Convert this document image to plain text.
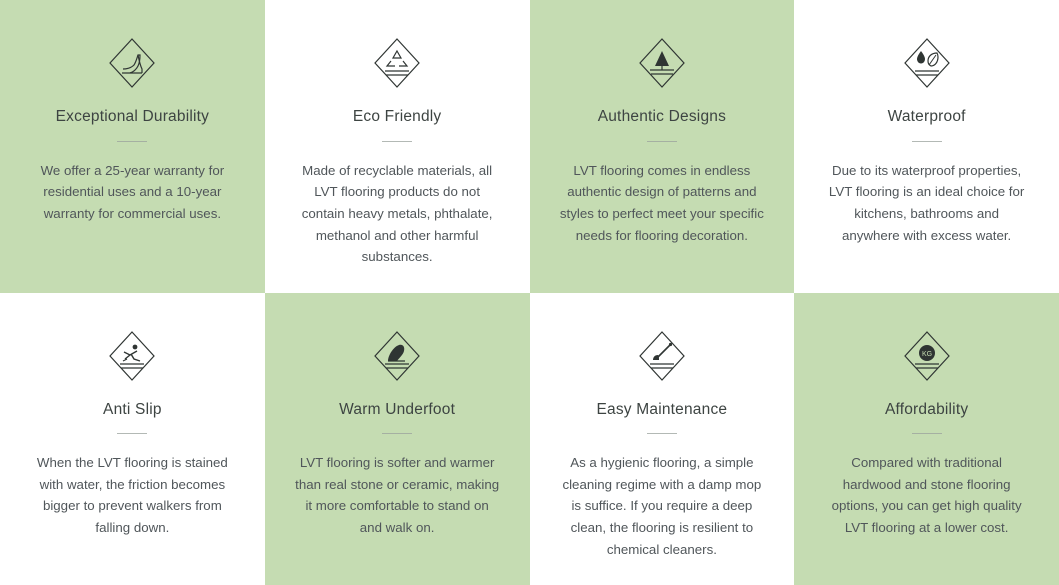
Exceptional Durability

We offer a 25-year warranty for residential uses and a 10-year warranty for commercial uses.

Eco Friendly

Made of recyclable materials, all LVT flooring products do not contain heavy metals, phthalate, methanol and other harmful substances.

Authentic Designs

LVT flooring comes in endless authentic design of patterns and styles to perfect meet your specific needs for flooring decoration.

Waterproof

Due to its waterproof properties, LVT flooring is an ideal choice for kitchens, bathrooms and anywhere with excess water.

Anti Slip

When the LVT flooring is stained with water, the friction becomes bigger to prevent walkers from falling down.

Warm Underfoot

LVT flooring is softer and warmer than real stone or ceramic, making it more comfortable to stand on and walk on.

Easy Maintenance

As a hygienic flooring, a simple cleaning regime with a damp mop is suffice. If you require a deep clean, the flooring is resilient to chemical cleaners.

KG
Affordability

Compared with traditional hardwood and stone flooring options, you can get high quality LVT flooring at a lower cost.
